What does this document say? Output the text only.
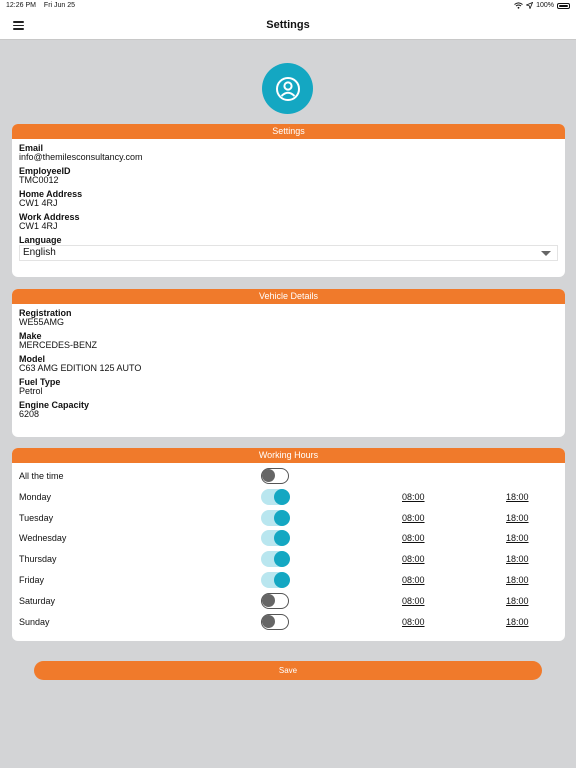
12:26 PM Fri Jun 25	100%
Settings
Settings
Email
info@themilesconsultancy.com
EmployeeID
TMC0012
Home Address
CW1 4RJ
Work Address
CW1 4RJ
Language
English
Vehicle Details
Registration
WE55AMG
Make
MERCEDES-BENZ
Model
C63 AMG EDITION 125 AUTO
Fuel Type
Petrol
Engine Capacity
6208
Working Hours
All the time
Monday	08:00	18:00
Tuesday	08:00	18:00
Wednesday	08:00	18:00
Thursday	08:00	18:00
Friday	08:00	18:00
Saturday	08:00	18:00
Sunday	08:00	18:00
Save
